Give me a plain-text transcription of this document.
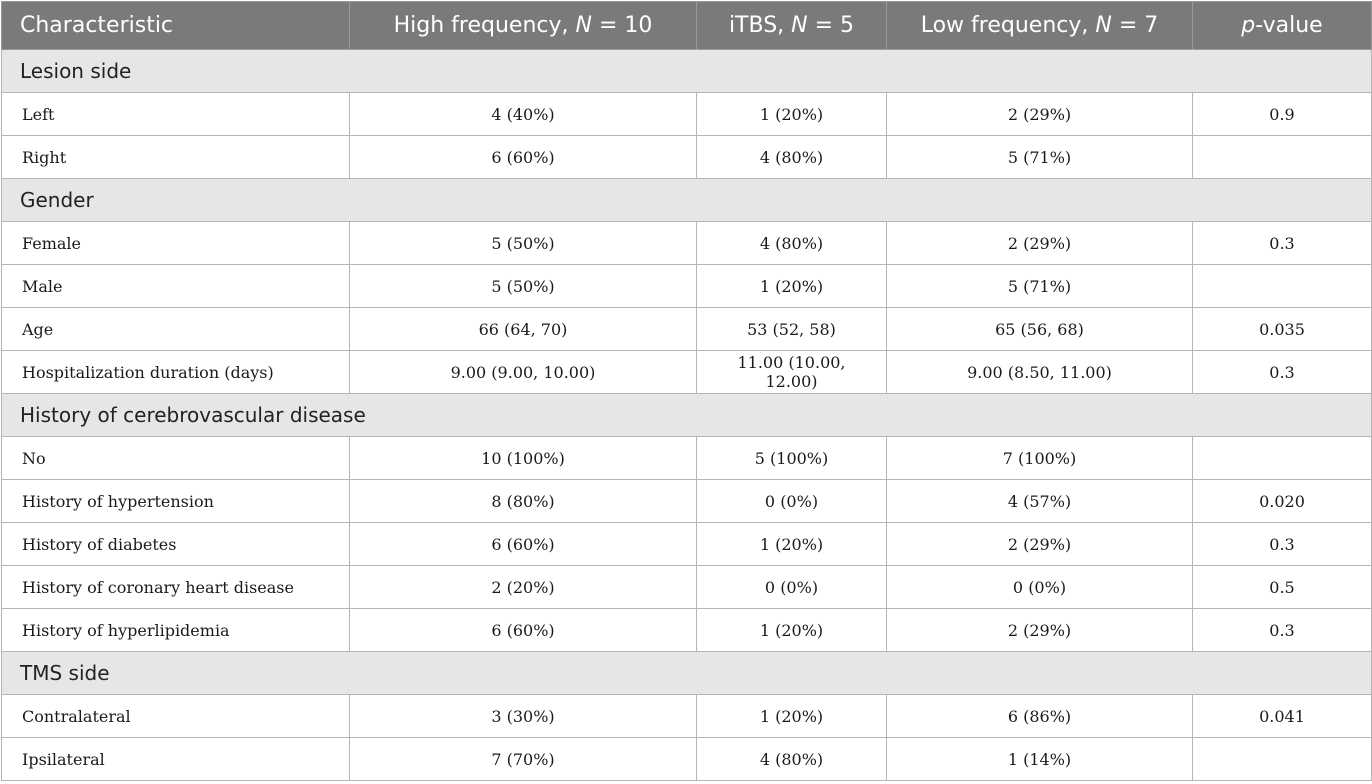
Characteristic	High frequency, N = 10	iTBS, N = 5	Low frequency, N = 7	p-value
Lesion side				
Left	4 (40%)	1 (20%)	2 (29%)	0.9
Right	6 (60%)	4 (80%)	5 (71%)	
Gender				
Female	5 (50%)	4 (80%)	2 (29%)	0.3
Male	5 (50%)	1 (20%)	5 (71%)	
Age	66 (64, 70)	53 (52, 58)	65 (56, 68)	0.035
Hospitalization duration (days)	9.00 (9.00, 10.00)	11.00 (10.00, 12.00)	9.00 (8.50, 11.00)	0.3
History of cerebrovascular disease				
No	10 (100%)	5 (100%)	7 (100%)	
History of hypertension	8 (80%)	0 (0%)	4 (57%)	0.020
History of diabetes	6 (60%)	1 (20%)	2 (29%)	0.3
History of coronary heart disease	2 (20%)	0 (0%)	0 (0%)	0.5
History of hyperlipidemia	6 (60%)	1 (20%)	2 (29%)	0.3
TMS side				
Contralateral	3 (30%)	1 (20%)	6 (86%)	0.041
Ipsilateral	7 (70%)	4 (80%)	1 (14%)	
